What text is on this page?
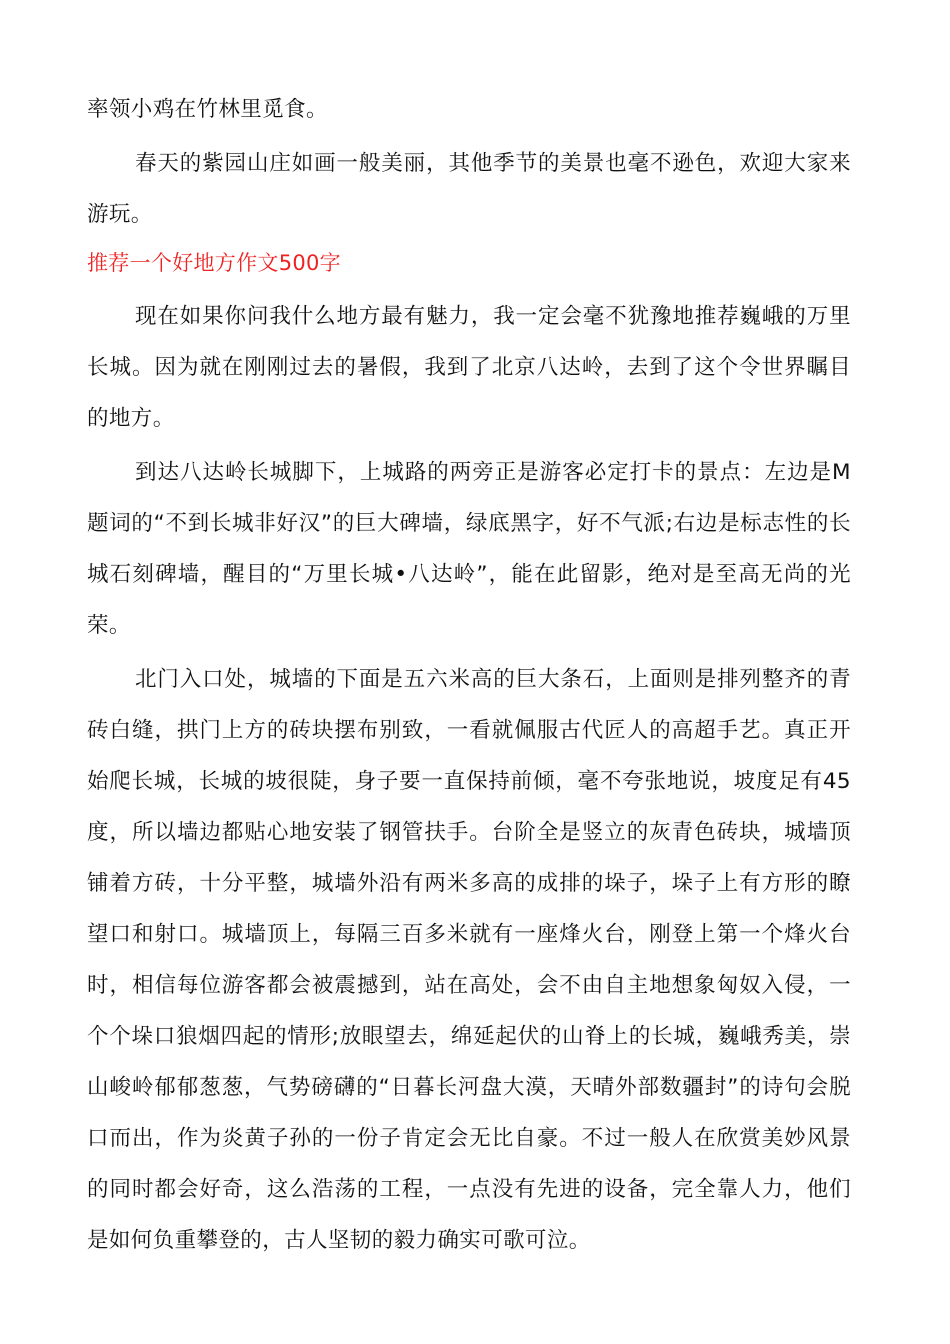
率领小鸡在竹林里觅食。

春天的紫园山庄如画一般美丽，其他季节的美景也毫不逊色，欢迎大家来游玩。

推荐一个好地方作文500字

现在如果你问我什么地方最有魅力，我一定会毫不犹豫地推荐巍峨的万里长城。因为就在刚刚过去的暑假，我到了北京八达岭，去到了这个令世界瞩目的地方。

到达八达岭长城脚下，上城路的两旁正是游客必定打卡的景点：左边是M题词的“不到长城非好汉”的巨大碑墙，绿底黑字，好不气派;右边是标志性的长城石刻碑墙，醒目的“万里长城•八达岭”，能在此留影，绝对是至高无尚的光荣。

北门入口处，城墙的下面是五六米高的巨大条石，上面则是排列整齐的青砖白缝，拱门上方的砖块摆布别致，一看就佩服古代匠人的高超手艺。真正开始爬长城，长城的坡很陡，身子要一直保持前倾，毫不夸张地说，坡度足有45度，所以墙边都贴心地安装了钢管扶手。台阶全是竖立的灰青色砖块，城墙顶铺着方砖，十分平整，城墙外沿有两米多高的成排的垛子，垛子上有方形的瞭望口和射口。城墙顶上，每隔三百多米就有一座烽火台，刚登上第一个烽火台时，相信每位游客都会被震撼到，站在高处，会不由自主地想象匈奴入侵，一个个垛口狼烟四起的情形;放眼望去，绵延起伏的山脊上的长城，巍峨秀美，崇山峻岭郁郁葱葱，气势磅礴的“日暮长河盘大漠，天晴外部数疆封”的诗句会脱口而出，作为炎黄子孙的一份子肯定会无比自豪。不过一般人在欣赏美妙风景的同时都会好奇，这么浩荡的工程，一点没有先进的设备，完全靠人力，他们是如何负重攀登的，古人坚韧的毅力确实可歌可泣。
